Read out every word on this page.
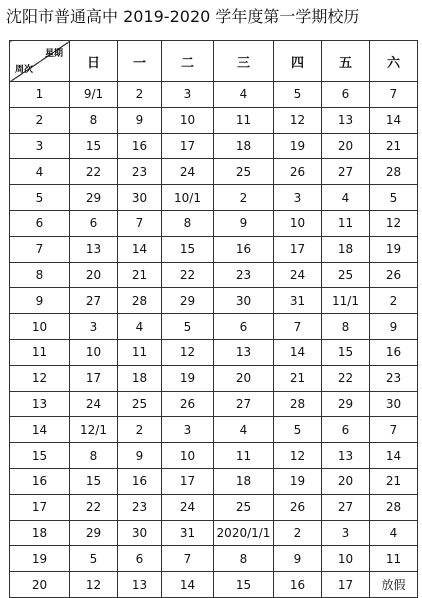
沈阳市普通高中 2019-2020 学年度第一学期校历
星期
周次	日	一	二	三	四	五	六
1	9/1	2	3	4	5	6	7
2	8	9	10	11	12	13	14
3	15	16	17	18	19	20	21
4	22	23	24	25	26	27	28
5	29	30	10/1	2	3	4	5
6	6	7	8	9	10	11	12
7	13	14	15	16	17	18	19
8	20	21	22	23	24	25	26
9	27	28	29	30	31	11/1	2
10	3	4	5	6	7	8	9
11	10	11	12	13	14	15	16
12	17	18	19	20	21	22	23
13	24	25	26	27	28	29	30
14	12/1	2	3	4	5	6	7
15	8	9	10	11	12	13	14
16	15	16	17	18	19	20	21
17	22	23	24	25	26	27	28
18	29	30	31	2020/1/1	2	3	4
19	5	6	7	8	9	10	11
20	12	13	14	15	16	17	放假
